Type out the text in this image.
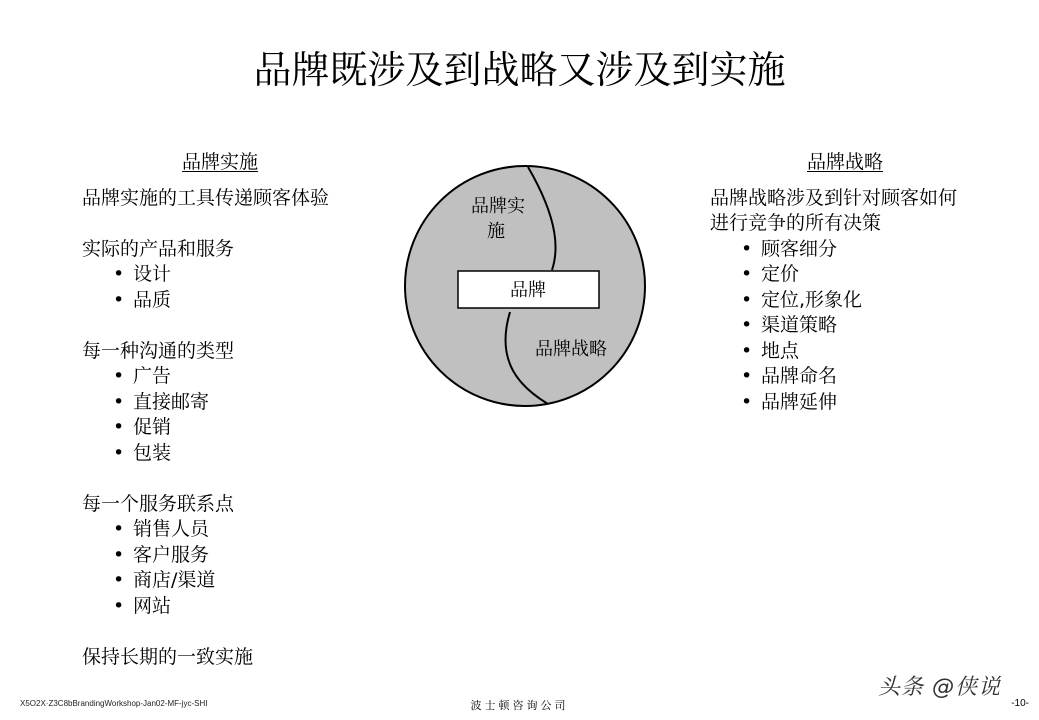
品牌既涉及到战略又涉及到实施
品牌实施
品牌实施的工具传递顾客体验
实际的产品和服务
• 设计
• 品质
每一种沟通的类型
• 广告
• 直接邮寄
• 促销
• 包装
每一个服务联系点
• 销售人员
• 客户服务
• 商店/渠道
• 网站
保持长期的一致实施
品牌实
施
品牌
品牌战略
品牌战略
品牌战略涉及到针对顾客如何
进行竞争的所有决策
• 顾客细分
• 定价
• 定位,形象化
• 渠道策略
• 地点
• 品牌命名
• 品牌延伸
X5O2X·Z3C8bBrandingWorkshop-Jan02-MF-jyc-SHI	波士顿咨询公司	-10-
头条 @侠说
